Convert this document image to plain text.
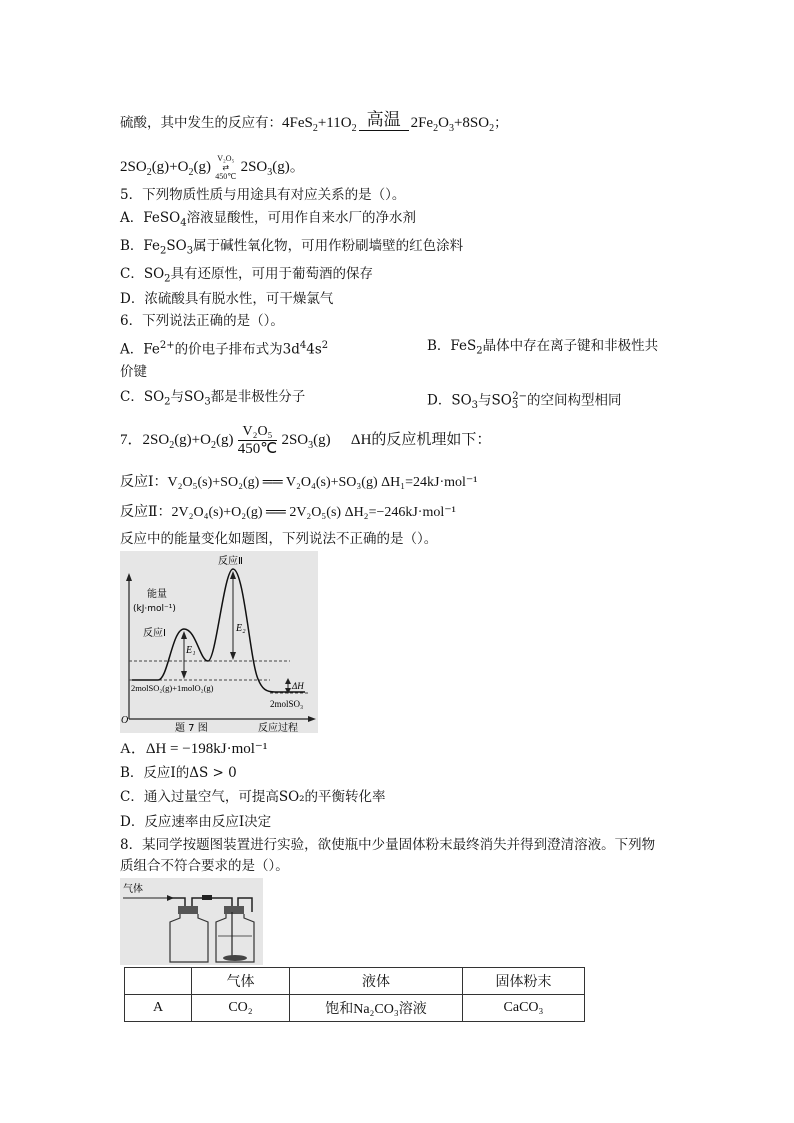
硫酸，其中发生的反应有：$4FeS_2+11O_2$ 高温 $2Fe_2O_3+8SO_2$；
$2SO_2(g)+O_2(g)$
V₂O₅
⇄
450℃
$2SO_3(g)$。
5．下列物质性质与用途具有对应关系的是（）。
A．FeSO$_4$溶液显酸性，可用作自来水厂的净水剂
B．$Fe_2SO_3$属于碱性氧化物，可用作粉刷墙壁的红色涂料
C．$SO_2$具有还原性，可用于葡萄酒的保存
D．浓硫酸具有脱水性，可干燥氯气
6．下列说法正确的是（）。
A．$Fe^{2+}$的价电子排布式为$3d^44s^2$	B．FeS$_2$晶体中存在离子键和非极性共
价键
C．$SO_2$与$SO_3$都是非极性分子	D．$SO_3$与$SO_3^{2-}$的空间构型相同
7．$2SO_2(g)+O_2(g) \frac{\text{V₂O₅}}{450℃} 2SO_3(g)$ ΔH的反应机理如下：
反应Ⅰ：V₂O₅(s)+SO₂(g) ══ V₂O₄(s)+SO₃(g) ΔH₁=24kJ·mol⁻¹
反应Ⅱ：2V₂O₄(s)+O₂(g) ══ 2V₂O₅(s) ΔH₂=−246kJ·mol⁻¹
反应中的能量变化如题图，下列说法不正确的是（）。
能量
(kJ·mol⁻¹)
反应Ⅰ
反应Ⅱ
E₁
E₂
ΔH
2molSO₂(g)+1molO₂(g)
2molSO₃
O
题 7 图	反应过程
A．ΔH = −198kJ·mol⁻¹
B．反应Ⅰ的ΔS > 0
C．通入过量空气，可提高SO₂的平衡转化率
D．反应速率由反应Ⅰ决定
8．某同学按题图装置进行实验，欲使瓶中少量固体粉末最终消失并得到澄清溶液。下列物
质组合不符合要求的是（）。
气体
	气体	液体	固体粉末
A	CO₂	饱和Na₂CO₃溶液	CaCO₃
